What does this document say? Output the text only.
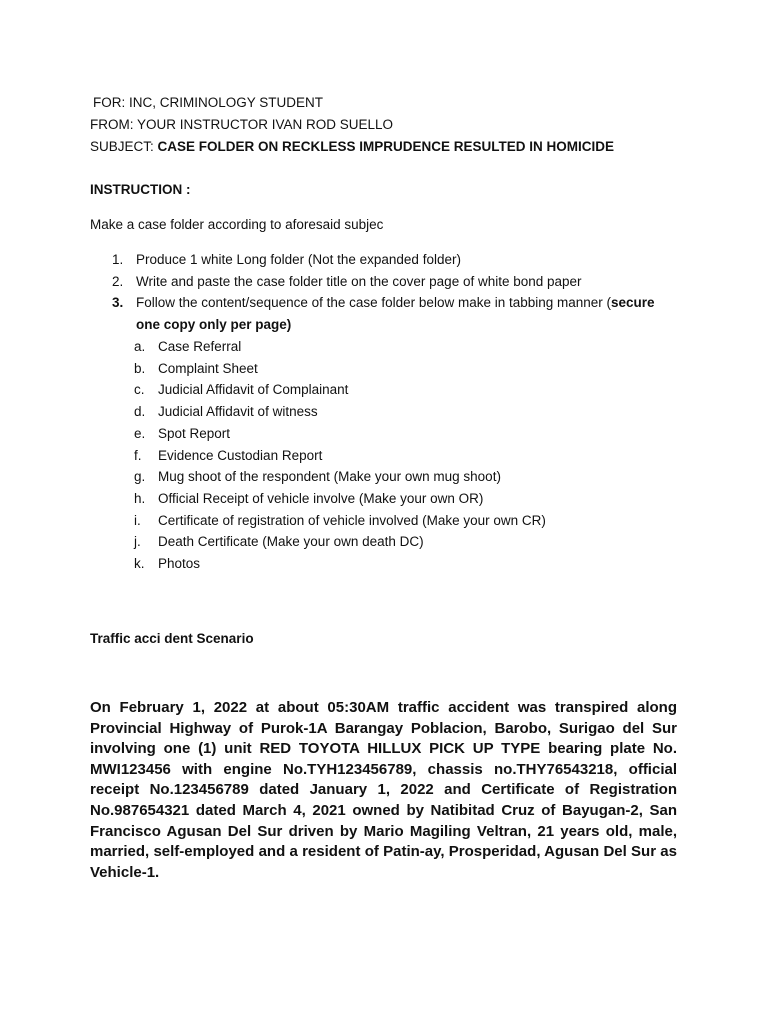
FOR: INC, CRIMINOLOGY STUDENT
FROM: YOUR INSTRUCTOR IVAN ROD SUELLO
SUBJECT: CASE FOLDER ON RECKLESS IMPRUDENCE RESULTED IN HOMICIDE
INSTRUCTION :
Make a case folder according to aforesaid subjec
1. Produce 1 white Long folder (Not the expanded folder)
2. Write and paste the case folder title on the cover page of white bond paper
3. Follow the content/sequence of the case folder below make in tabbing manner (secure one copy only per page)
a. Case Referral
b. Complaint Sheet
c. Judicial Affidavit of Complainant
d. Judicial Affidavit of witness
e. Spot Report
f. Evidence Custodian Report
g. Mug shoot of the respondent (Make your own mug shoot)
h. Official Receipt of vehicle involve (Make your own OR)
i. Certificate of registration of vehicle involved (Make your own CR)
j. Death Certificate (Make your own death DC)
k. Photos
Traffic acci dent Scenario
On February 1, 2022 at about 05:30AM traffic accident was transpired along Provincial Highway of Purok-1A Barangay Poblacion, Barobo, Surigao del Sur involving one (1) unit RED TOYOTA HILLUX PICK UP TYPE bearing plate No. MWI123456 with engine No.TYH123456789, chassis no.THY76543218, official receipt No.123456789 dated January 1, 2022 and Certificate of Registration No.987654321 dated March 4, 2021 owned by Natibitad Cruz of Bayugan-2, San Francisco Agusan Del Sur driven by Mario Magiling Veltran, 21 years old, male, married, self-employed and a resident of Patin-ay, Prosperidad, Agusan Del Sur as Vehicle-1.
